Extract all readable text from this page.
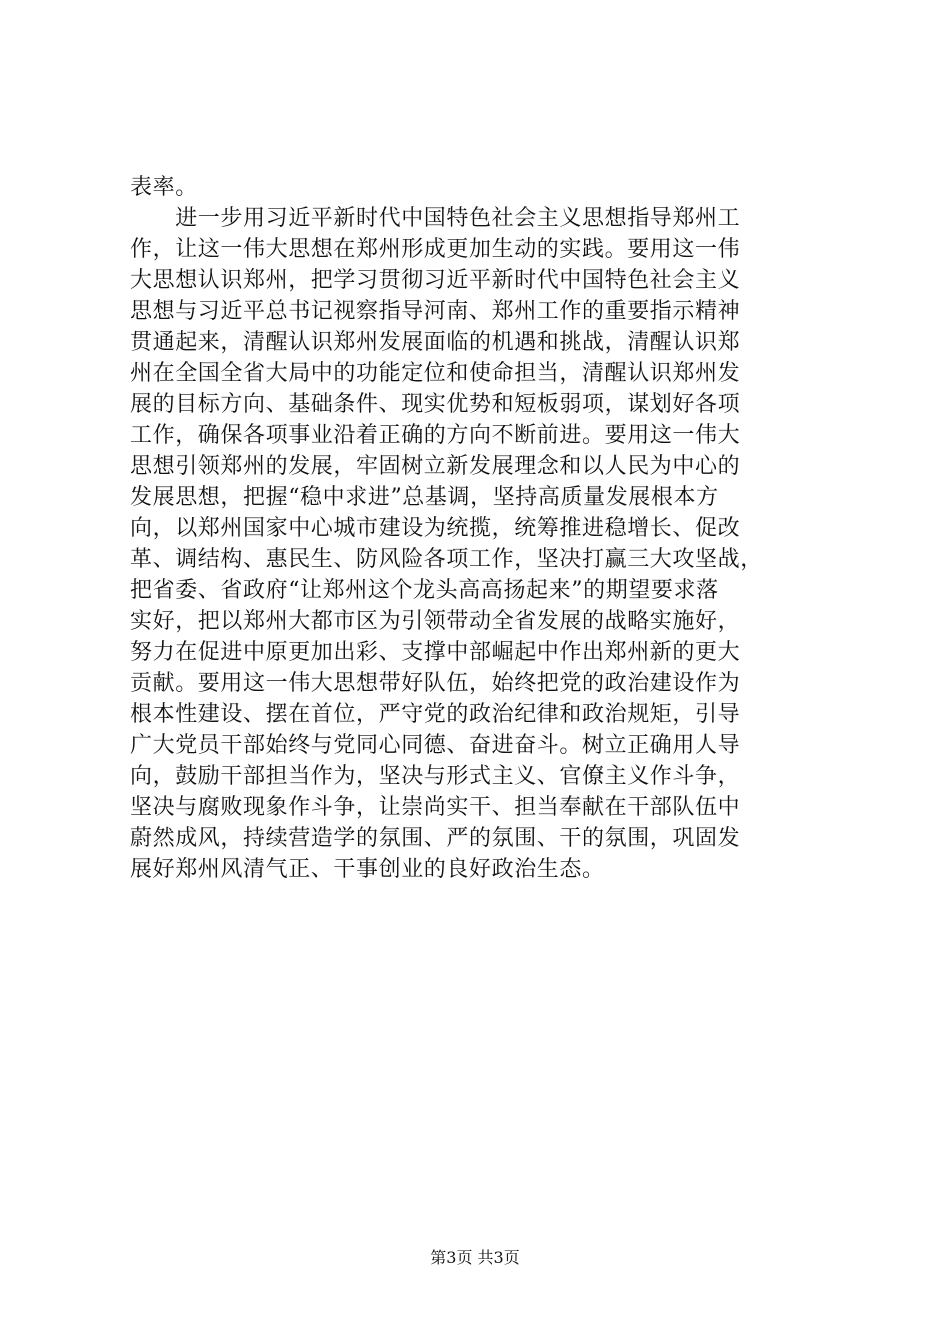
表率。
　　进一步用习近平新时代中国特色社会主义思想指导郑州工
作，让这一伟大思想在郑州形成更加生动的实践。要用这一伟
大思想认识郑州，把学习贯彻习近平新时代中国特色社会主义
思想与习近平总书记视察指导河南、郑州工作的重要指示精神
贯通起来，清醒认识郑州发展面临的机遇和挑战，清醒认识郑
州在全国全省大局中的功能定位和使命担当，清醒认识郑州发
展的目标方向、基础条件、现实优势和短板弱项，谋划好各项
工作，确保各项事业沿着正确的方向不断前进。要用这一伟大
思想引领郑州的发展，牢固树立新发展理念和以人民为中心的
发展思想，把握“稳中求进”总基调，坚持高质量发展根本方
向，以郑州国家中心城市建设为统揽，统筹推进稳增长、促改
革、调结构、惠民生、防风险各项工作，坚决打赢三大攻坚战，
把省委、省政府“让郑州这个龙头高高扬起来”的期望要求落
实好，把以郑州大都市区为引领带动全省发展的战略实施好，
努力在促进中原更加出彩、支撑中部崛起中作出郑州新的更大
贡献。要用这一伟大思想带好队伍，始终把党的政治建设作为
根本性建设、摆在首位，严守党的政治纪律和政治规矩，引导
广大党员干部始终与党同心同德、奋进奋斗。树立正确用人导
向，鼓励干部担当作为，坚决与形式主义、官僚主义作斗争，
坚决与腐败现象作斗争，让崇尚实干、担当奉献在干部队伍中
蔚然成风，持续营造学的氛围、严的氛围、干的氛围，巩固发
展好郑州风清气正、干事创业的良好政治生态。
第3页 共3页
